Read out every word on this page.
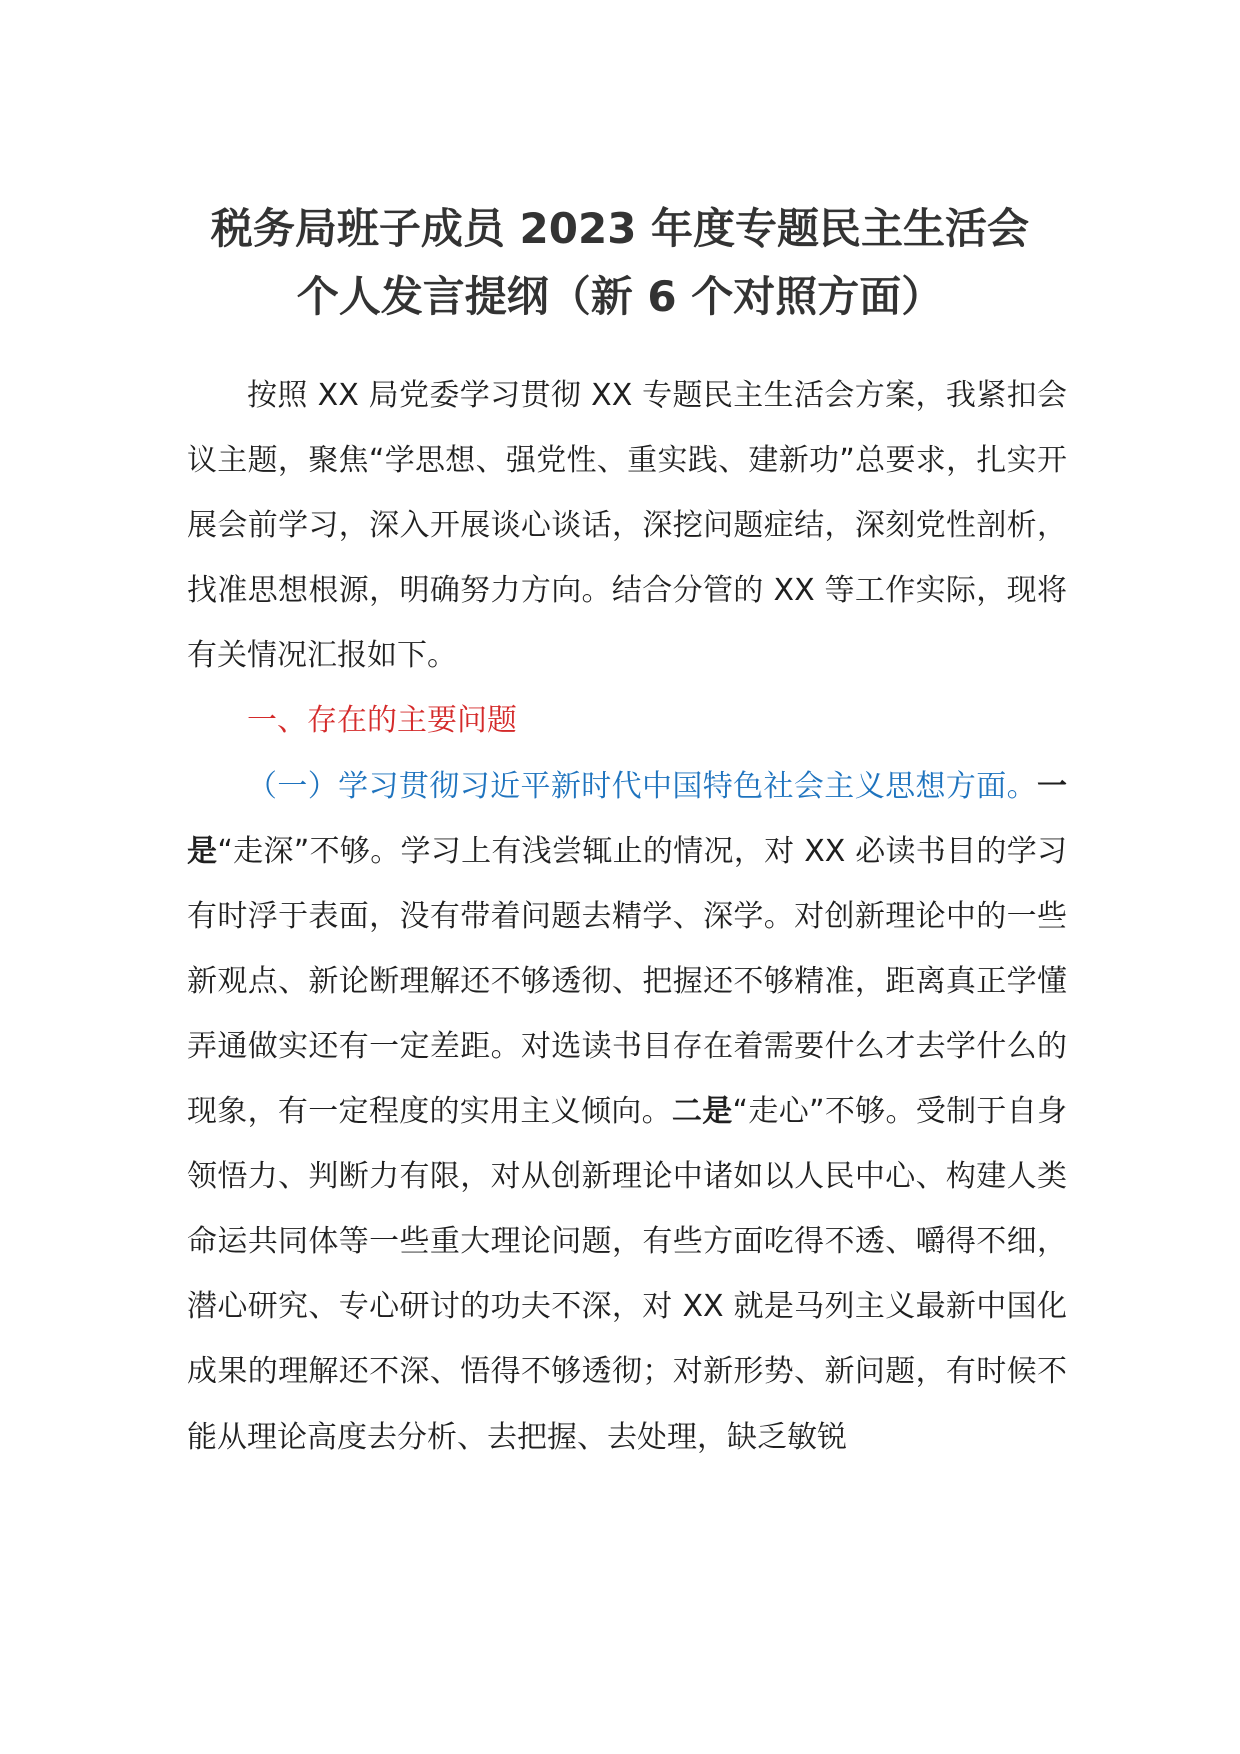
税务局班子成员 2023 年度专题民主生活会
个人发言提纲（新 6 个对照方面）

按照 XX 局党委学习贯彻 XX 专题民主生活会方案，我紧扣会议主题，聚焦“学思想、强党性、重实践、建新功”总要求，扎实开展会前学习，深入开展谈心谈话，深挖问题症结，深刻党性剖析，找准思想根源，明确努力方向。结合分管的 XX 等工作实际，现将有关情况汇报如下。

一、存在的主要问题

（一）学习贯彻习近平新时代中国特色社会主义思想方面。一是“走深”不够。学习上有浅尝辄止的情况，对 XX 必读书目的学习有时浮于表面，没有带着问题去精学、深学。对创新理论中的一些新观点、新论断理解还不够透彻、把握还不够精准，距离真正学懂弄通做实还有一定差距。对选读书目存在着需要什么才去学什么的现象，有一定程度的实用主义倾向。二是“走心”不够。受制于自身领悟力、判断力有限，对从创新理论中诸如以人民中心、构建人类命运共同体等一些重大理论问题，有些方面吃得不透、嚼得不细，潜心研究、专心研讨的功夫不深，对 XX 就是马列主义最新中国化成果的理解还不深、悟得不够透彻；对新形势、新问题，有时候不能从理论高度去分析、去把握、去处理，缺乏敏锐
